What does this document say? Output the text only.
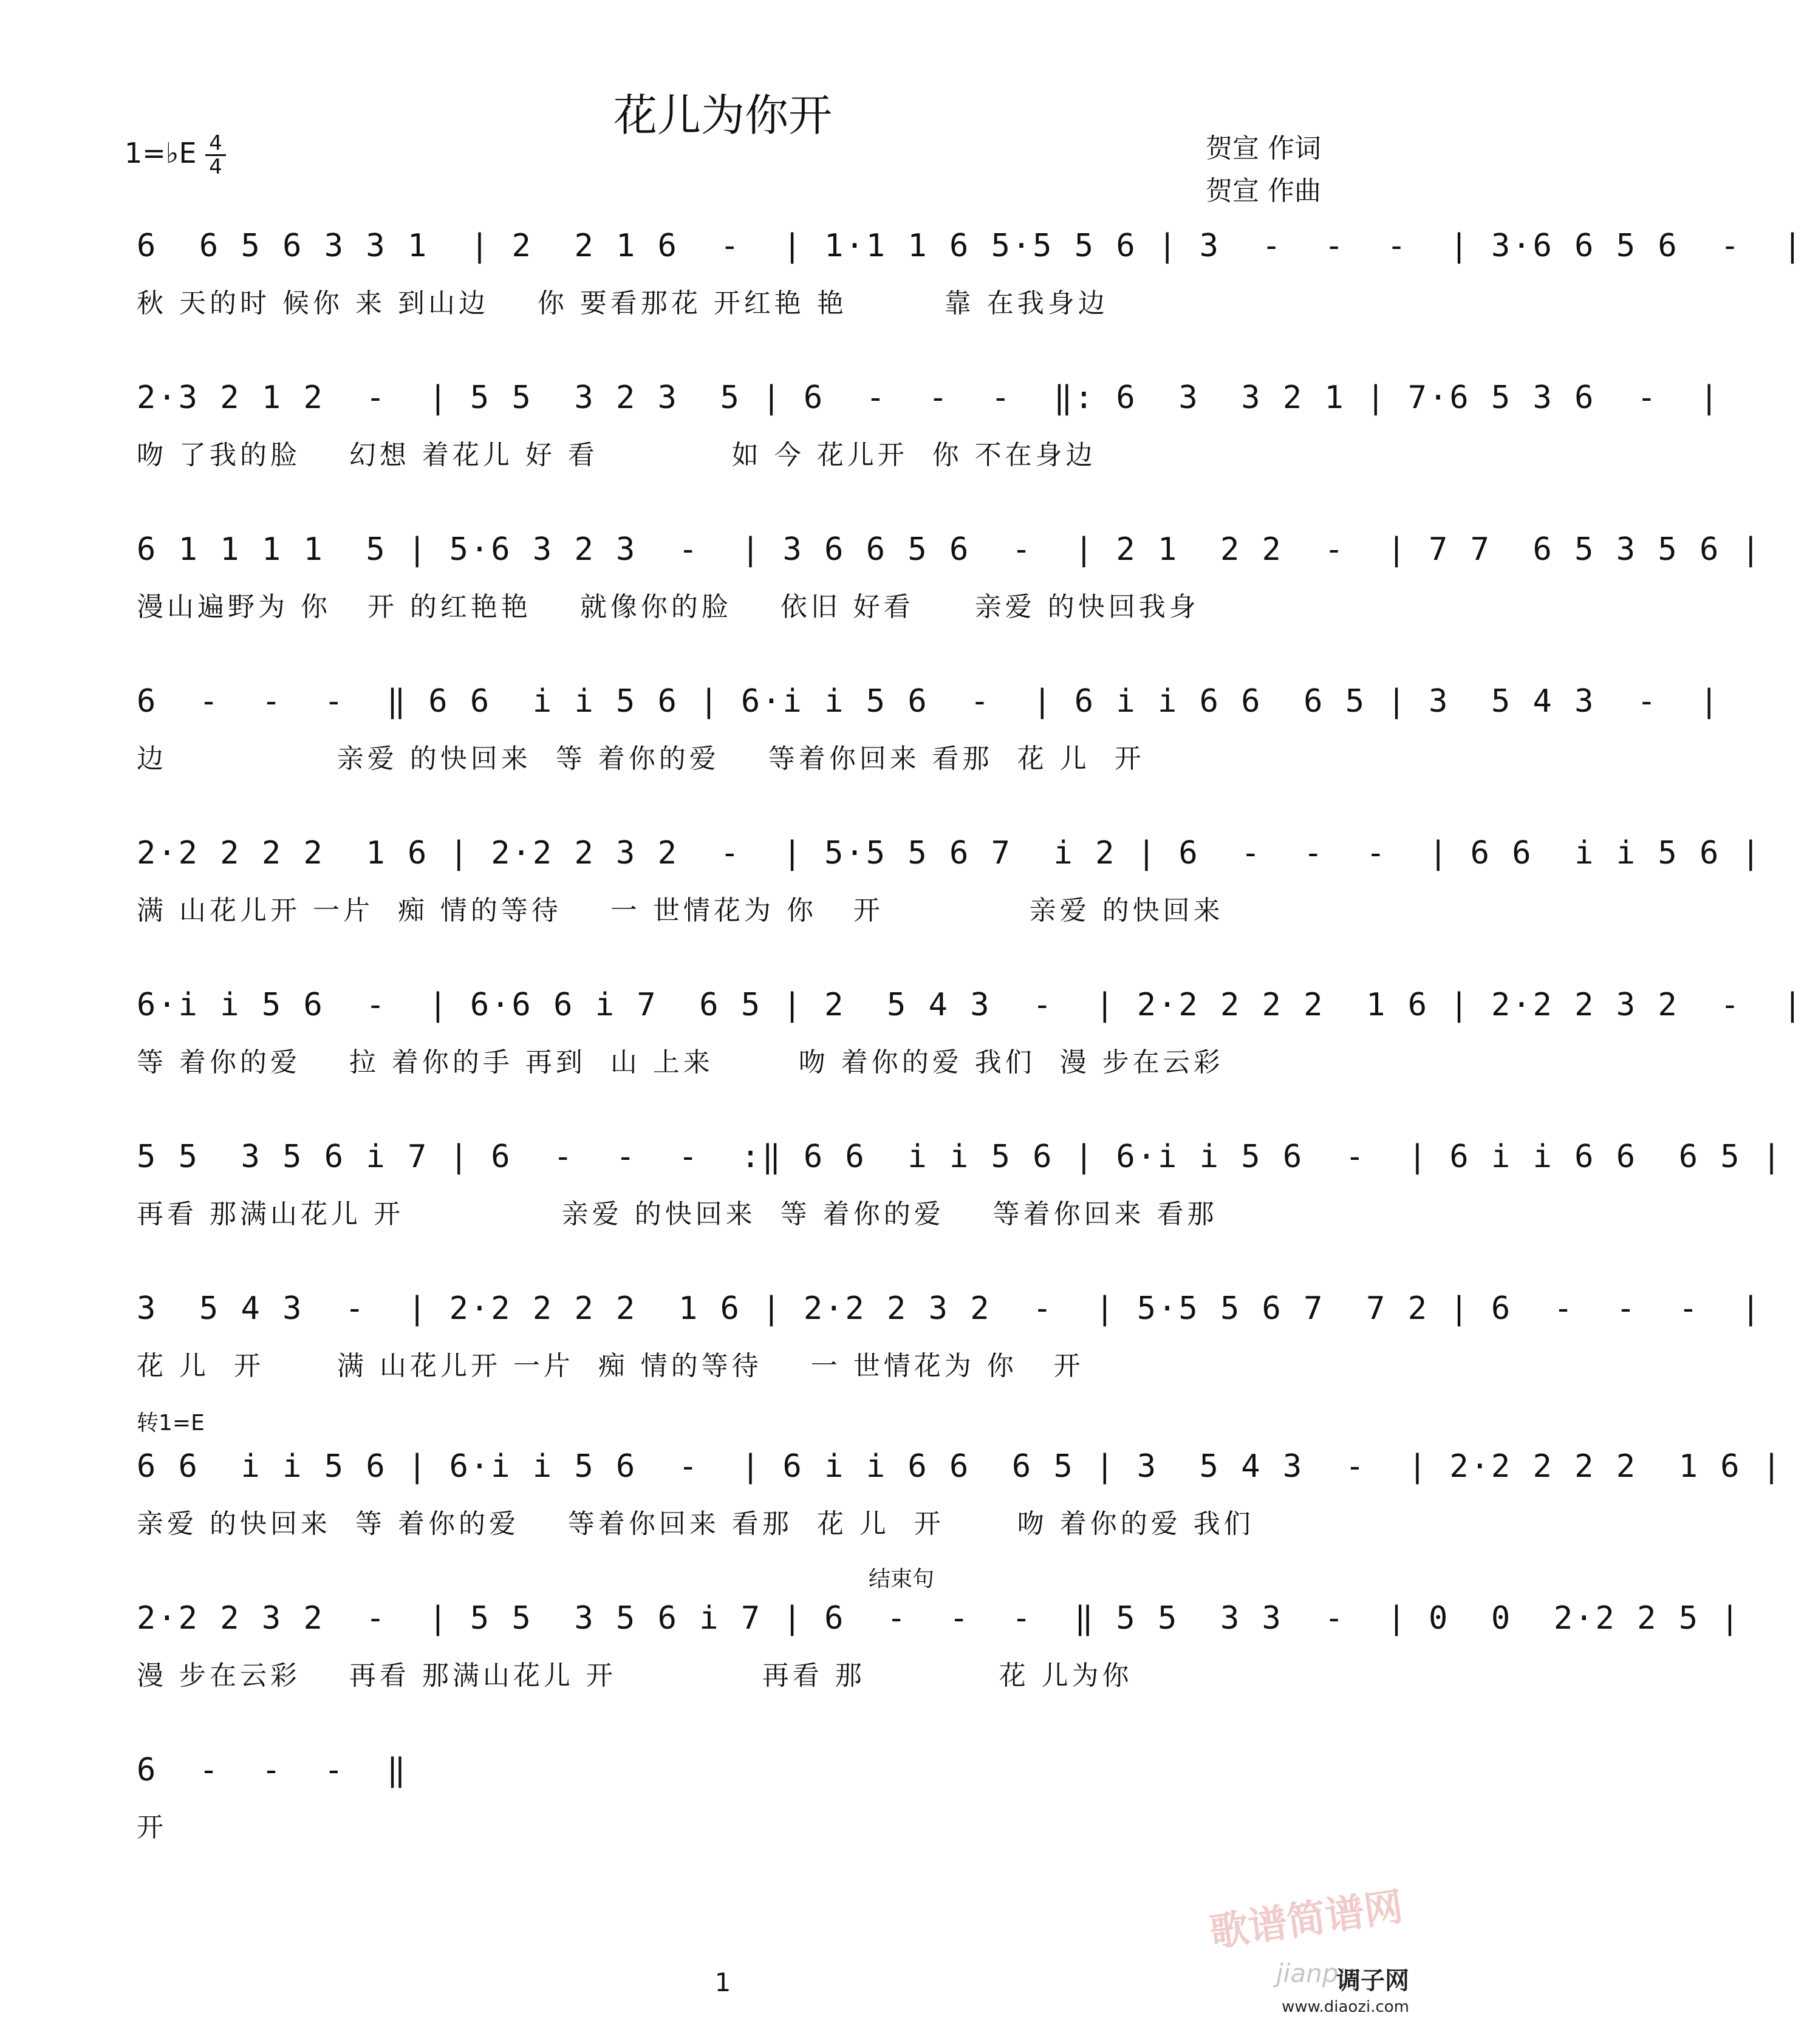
花儿为你开
1=♭E 4
4
贺宣 作词
贺宣 作曲
6  6 5 6 3 3 1  | 2  2 1 6  -  | 1·1 1 6 5·5 5 6 | 3  -  -  -  | 3·6 6 5 6  -  |
秋 天的时 候你 来 到山边    你 要看那花 开红艳 艳        靠 在我身边
2·3 2 1 2  -  | 5 5  3 2 3  5 | 6  -  -  -  ‖: 6  3  3 2 1 | 7·6 5 3 6  -  |
吻 了我的脸    幻想 着花儿 好 看           如 今 花儿开  你 不在身边
6 1 1 1 1  5 | 5·6 3 2 3  -  | 3 6 6 5 6  -  | 2 1  2 2  -  | 7 7  6 5 3 5 6 |
漫山遍野为 你   开 的红艳艳    就像你的脸    依旧 好看     亲爱 的快回我身
6  -  -  -  ‖ 6 6  i i 5 6 | 6·i i 5 6  -  | 6 i i 6 6  6 5 | 3  5 4 3  -  |
边              亲爱 的快回来  等 着你的爱    等着你回来 看那  花 儿  开
2·2 2 2 2  1 6 | 2·2 2 3 2  -  | 5·5 5 6 7  i 2 | 6  -  -  -  | 6 6  i i 5 6 |
满 山花儿开 一片  痴 情的等待    一 世情花为 你   开            亲爱 的快回来
6·i i 5 6  -  | 6·6 6 i 7  6 5 | 2  5 4 3  -  | 2·2 2 2 2  1 6 | 2·2 2 3 2  -  |
等 着你的爱    拉 着你的手 再到  山 上来       吻 着你的爱 我们  漫 步在云彩
5 5  3 5 6 i 7 | 6  -  -  -  :‖ 6 6  i i 5 6 | 6·i i 5 6  -  | 6 i i 6 6  6 5 |
再看 那满山花儿 开             亲爱 的快回来  等 着你的爱    等着你回来 看那
3  5 4 3  -  | 2·2 2 2 2  1 6 | 2·2 2 3 2  -  | 5·5 5 6 7  7 2 | 6  -  -  -  |
花 儿  开      满 山花儿开 一片  痴 情的等待    一 世情花为 你   开
转1=E
6 6  i i 5 6 | 6·i i 5 6  -  | 6 i i 6 6  6 5 | 3  5 4 3  -  | 2·2 2 2 2  1 6 |
亲爱 的快回来  等 着你的爱    等着你回来 看那  花 儿  开      吻 着你的爱 我们
结束句
2·2 2 3 2  -  | 5 5  3 5 6 i 7 | 6  -  -  -  ‖ 5 5  3 3  -  | 0  0  2·2 2 5 |
漫 步在云彩    再看 那满山花儿 开            再看 那           花 儿为你
6  -  -  -  ‖
开
1
歌谱简谱网
jianpu
调子网
www.diaozi.com
